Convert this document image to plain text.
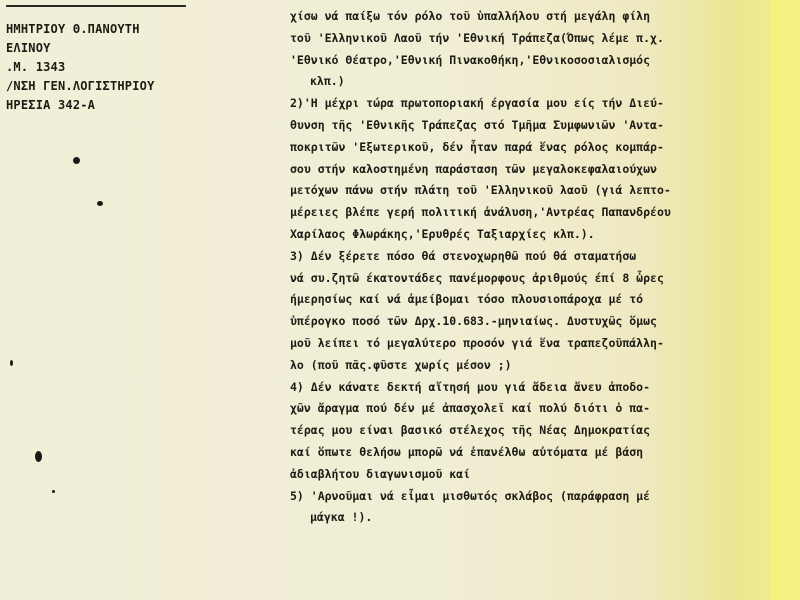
ΗΜΗΤΡΙΟΥ Θ.ΠΑΝΟΥΤΗ
ΕΛΙΝΟΥ
.Μ. 1343
/ΝΣΗ ΓΕΝ.ΛΟΓΙΣΤΗΡΙΟΥ
ΗΡΕΣΙΑ 342-Α

χίσω νά παίξω τόν ρόλο τοῦ ὑπαλλήλου στή μεγάλη φίλη

τοῦ 'Ελληνικοῦ Λαοῦ τήν 'Εθνική Τράπεζα(Όπως λέμε π.χ.

'Εθνικό Θέατρο,'Εθνική Πινακοθήκη,'Εθνικοσοσιαλισμός

κλπ.)

2)'Η μέχρι τώρα πρωτοποριακή έργασία μου είς τήν Διεύ-

θυνση τῆς 'Εθνικῆς Τράπεζας στό Τμῆμα Συμφωνιῶν 'Αντα-

ποκριτῶν 'Εξωτερικοῦ, δέν ἦταν παρά ἕνας ρόλος κομπάρ-

σου στήν καλοστημένη παράσταση τῶν μεγαλοκεφαλαιούχων

μετόχων πάνω στήν πλάτη τοῦ 'Ελληνικοῦ λαοῦ (γιά λεπτο-

μέρειες βλέπε γερή πολιτική ἀνάλυση,'Αντρέας Παπανδρέου

Χαρίλαος Φλωράκης,'Ερυθρές Ταξιαρχίες κλπ.).

3) Δέν ξέρετε πόσο θά στενοχωρηθῶ πού θά σταματήσω

νά συ.ζητῶ έκατοντάδες πανέμορφους ἀριθμούς έπί 8 ὧρες

ήμερησίως καί νά ἀμείβομαι τόσο πλουσιοπάροχα μέ τό

ὑπέρογκο ποσό τῶν Δρχ.10.683.-μηνιαίως. Δυστυχῶς ὅμως

μοῦ λείπει τό μεγαλύτερο προσόν γιά ἕνα τραπεζοϋπάλλη-

λο (ποῦ πᾶς.φῦστε χωρίς μέσον ;)

4) Δέν κάνατε δεκτή αἴτησή μου γιά ἄδεια ἄνευ ἀποδο-

χῶν ἄραγμα πού δέν μέ ἀπασχολεῖ καί πολύ διότι ὁ πα-

τέρας μου είναι βασικό στέλεχος τῆς Νέας Δημοκρατίας

καί ὅπωτε θελήσω μπορῶ νά ἐπανέλθω αὐτόματα μέ βάση

ἀδιαβλήτου διαγωνισμοῦ καί

5) 'Αρνοῦμαι νά εἶμαι μισθωτός σκλάβος (παράφραση μέ

μάγκα !).
